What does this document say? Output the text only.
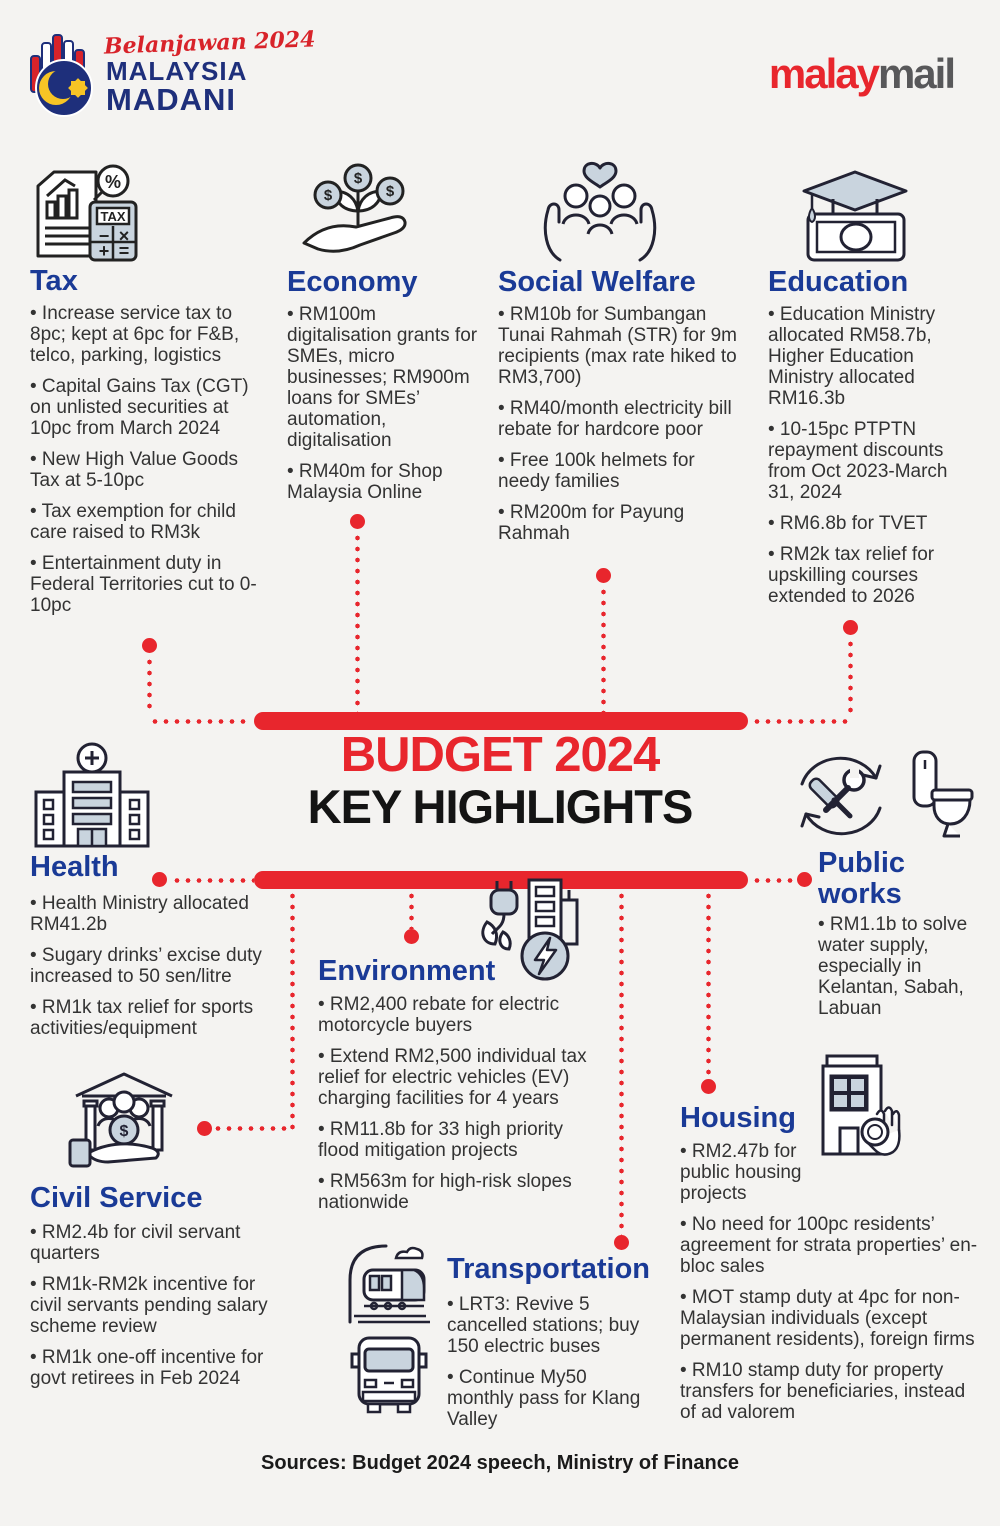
Belanjawan 2024
MALAYSIA
MADANI
malaymail
%
TAX
− ×
+ =
$
$
$
Tax

• Increase service tax to 8pc; kept at 6pc for F&B, telco, parking, logistics

• Capital Gains Tax (CGT) on unlisted securities at 10pc from March 2024

• New High Value Goods Tax at 5-10pc

• Tax exemption for child care raised to RM3k

• Entertainment duty in Federal Territories cut to 0-10pc

Economy

• RM100m digitalisation grants for SMEs, micro businesses; RM900m loans for SMEs’ automation, digitalisation

• RM40m for Shop Malaysia Online

Social Welfare

• RM10b for Sumbangan Tunai Rahmah (STR) for 9m recipients (max rate hiked to RM3,700)

• RM40/month electricity bill rebate for hardcore poor

• Free 100k helmets for needy families

• RM200m for Payung Rahmah

Education

• Education Ministry allocated RM58.7b, Higher Education Ministry allocated RM16.3b

• 10-15pc PTPTN repayment discounts from Oct 2023-March 31, 2024

• RM6.8b for TVET

• RM2k tax relief for upskilling courses extended to 2026

BUDGET 2024
KEY HIGHLIGHTS
Health

• Health Ministry allocated RM41.2b

• Sugary drinks’ excise duty increased to 50 sen/litre

• RM1k tax relief for sports activities/equipment

Environment

• RM2,400 rebate for electric motorcycle buyers

• Extend RM2,500 individual tax relief for electric vehicles (EV) charging facilities for 4 years

• RM11.8b for 33 high priority flood mitigation projects

• RM563m for high-risk slopes nationwide

Public works

• RM1.1b to solve water supply, especially in Kelantan, Sabah, Labuan

$
Civil Service

• RM2.4b for civil servant quarters

• RM1k-RM2k incentive for civil servants pending salary scheme review

• RM1k one-off incentive for govt retirees in Feb 2024

Transportation

• LRT3: Revive 5 cancelled stations; buy 150 electric buses

• Continue My50 monthly pass for Klang Valley

Housing

• RM2.47b for public housing projects

• No need for 100pc residents’ agreement for strata properties’ en-bloc sales

• MOT stamp duty at 4pc for non-Malaysian individuals (except permanent residents), foreign firms

• RM10 stamp duty for property transfers for beneficiaries, instead of ad valorem

Sources: Budget 2024 speech, Ministry of Finance
